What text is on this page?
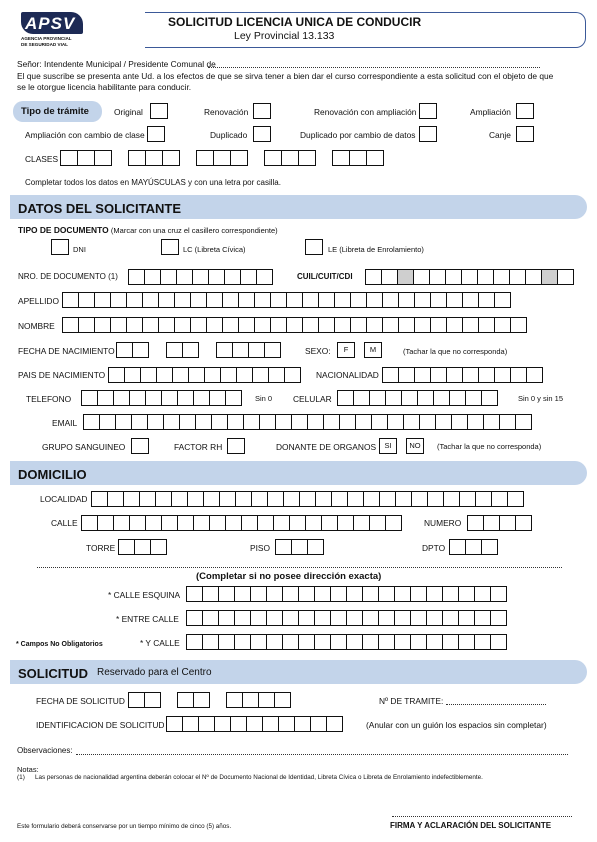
APSV
AGENCIA PROVINCIAL
DE SEGURIDAD VIAL
SOLICITUD LICENCIA UNICA DE CONDUCIR
Ley Provincial 13.133
Señor: Intendente Municipal / Presidente Comunal de
El que suscribe se presenta ante Ud. a los efectos de que se sirva tener a bien dar el curso correspondiente a esta solicitud con el objeto de que
se le otorgue licencia habilitante para conducir.
Tipo de trámite	Original	Renovación	Renovación con ampliación	Ampliación
Ampliación con cambio de clase	Duplicado	Duplicado por cambio de datos	Canje
CLASES
Completar todos los datos en MAYÚSCULAS y con una letra por casilla.
DATOS DEL SOLICITANTE
TIPO DE DOCUMENTO (Marcar con una cruz el casillero correspondiente)
DNI	LC (Libreta Cívica)	LE (Libreta de Enrolamiento)
NRO. DE DOCUMENTO (1)	CUIL/CUIT/CDI
APELLIDO
NOMBRE
FECHA DE NACIMIENTO	SEXO:	F	M	(Tachar la que no corresponda)
PAIS DE NACIMIENTO	NACIONALIDAD
TELEFONO	Sin 0 CELULAR	Sin 0 y sin 15
EMAIL
GRUPO SANGUINEO	FACTOR RH	DONANTE DE ORGANOS	SI	NO	(Tachar la que no corresponda)
DOMICILIO
LOCALIDAD
CALLE	NUMERO
TORRE	PISO	DPTO
(Completar si no posee dirección exacta)
* CALLE ESQUINA
* ENTRE CALLE
* Campos No Obligatorios	* Y CALLE
SOLICITUD Reservado para el Centro
FECHA DE SOLICITUD	Nº DE TRAMITE:
IDENTIFICACION DE SOLICITUD	(Anular con un guión los espacios sin completar)
Observaciones:
Notas:
(1) Las personas de nacionalidad argentina deberán colocar el Nº de Documento Nacional de Identidad, Libreta Cívica o Libreta de Enrolamiento indefectiblemente.
Este formulario deberá conservarse por un tiempo mínimo de cinco (5) años.	FIRMA Y ACLARACIÓN DEL SOLICITANTE
